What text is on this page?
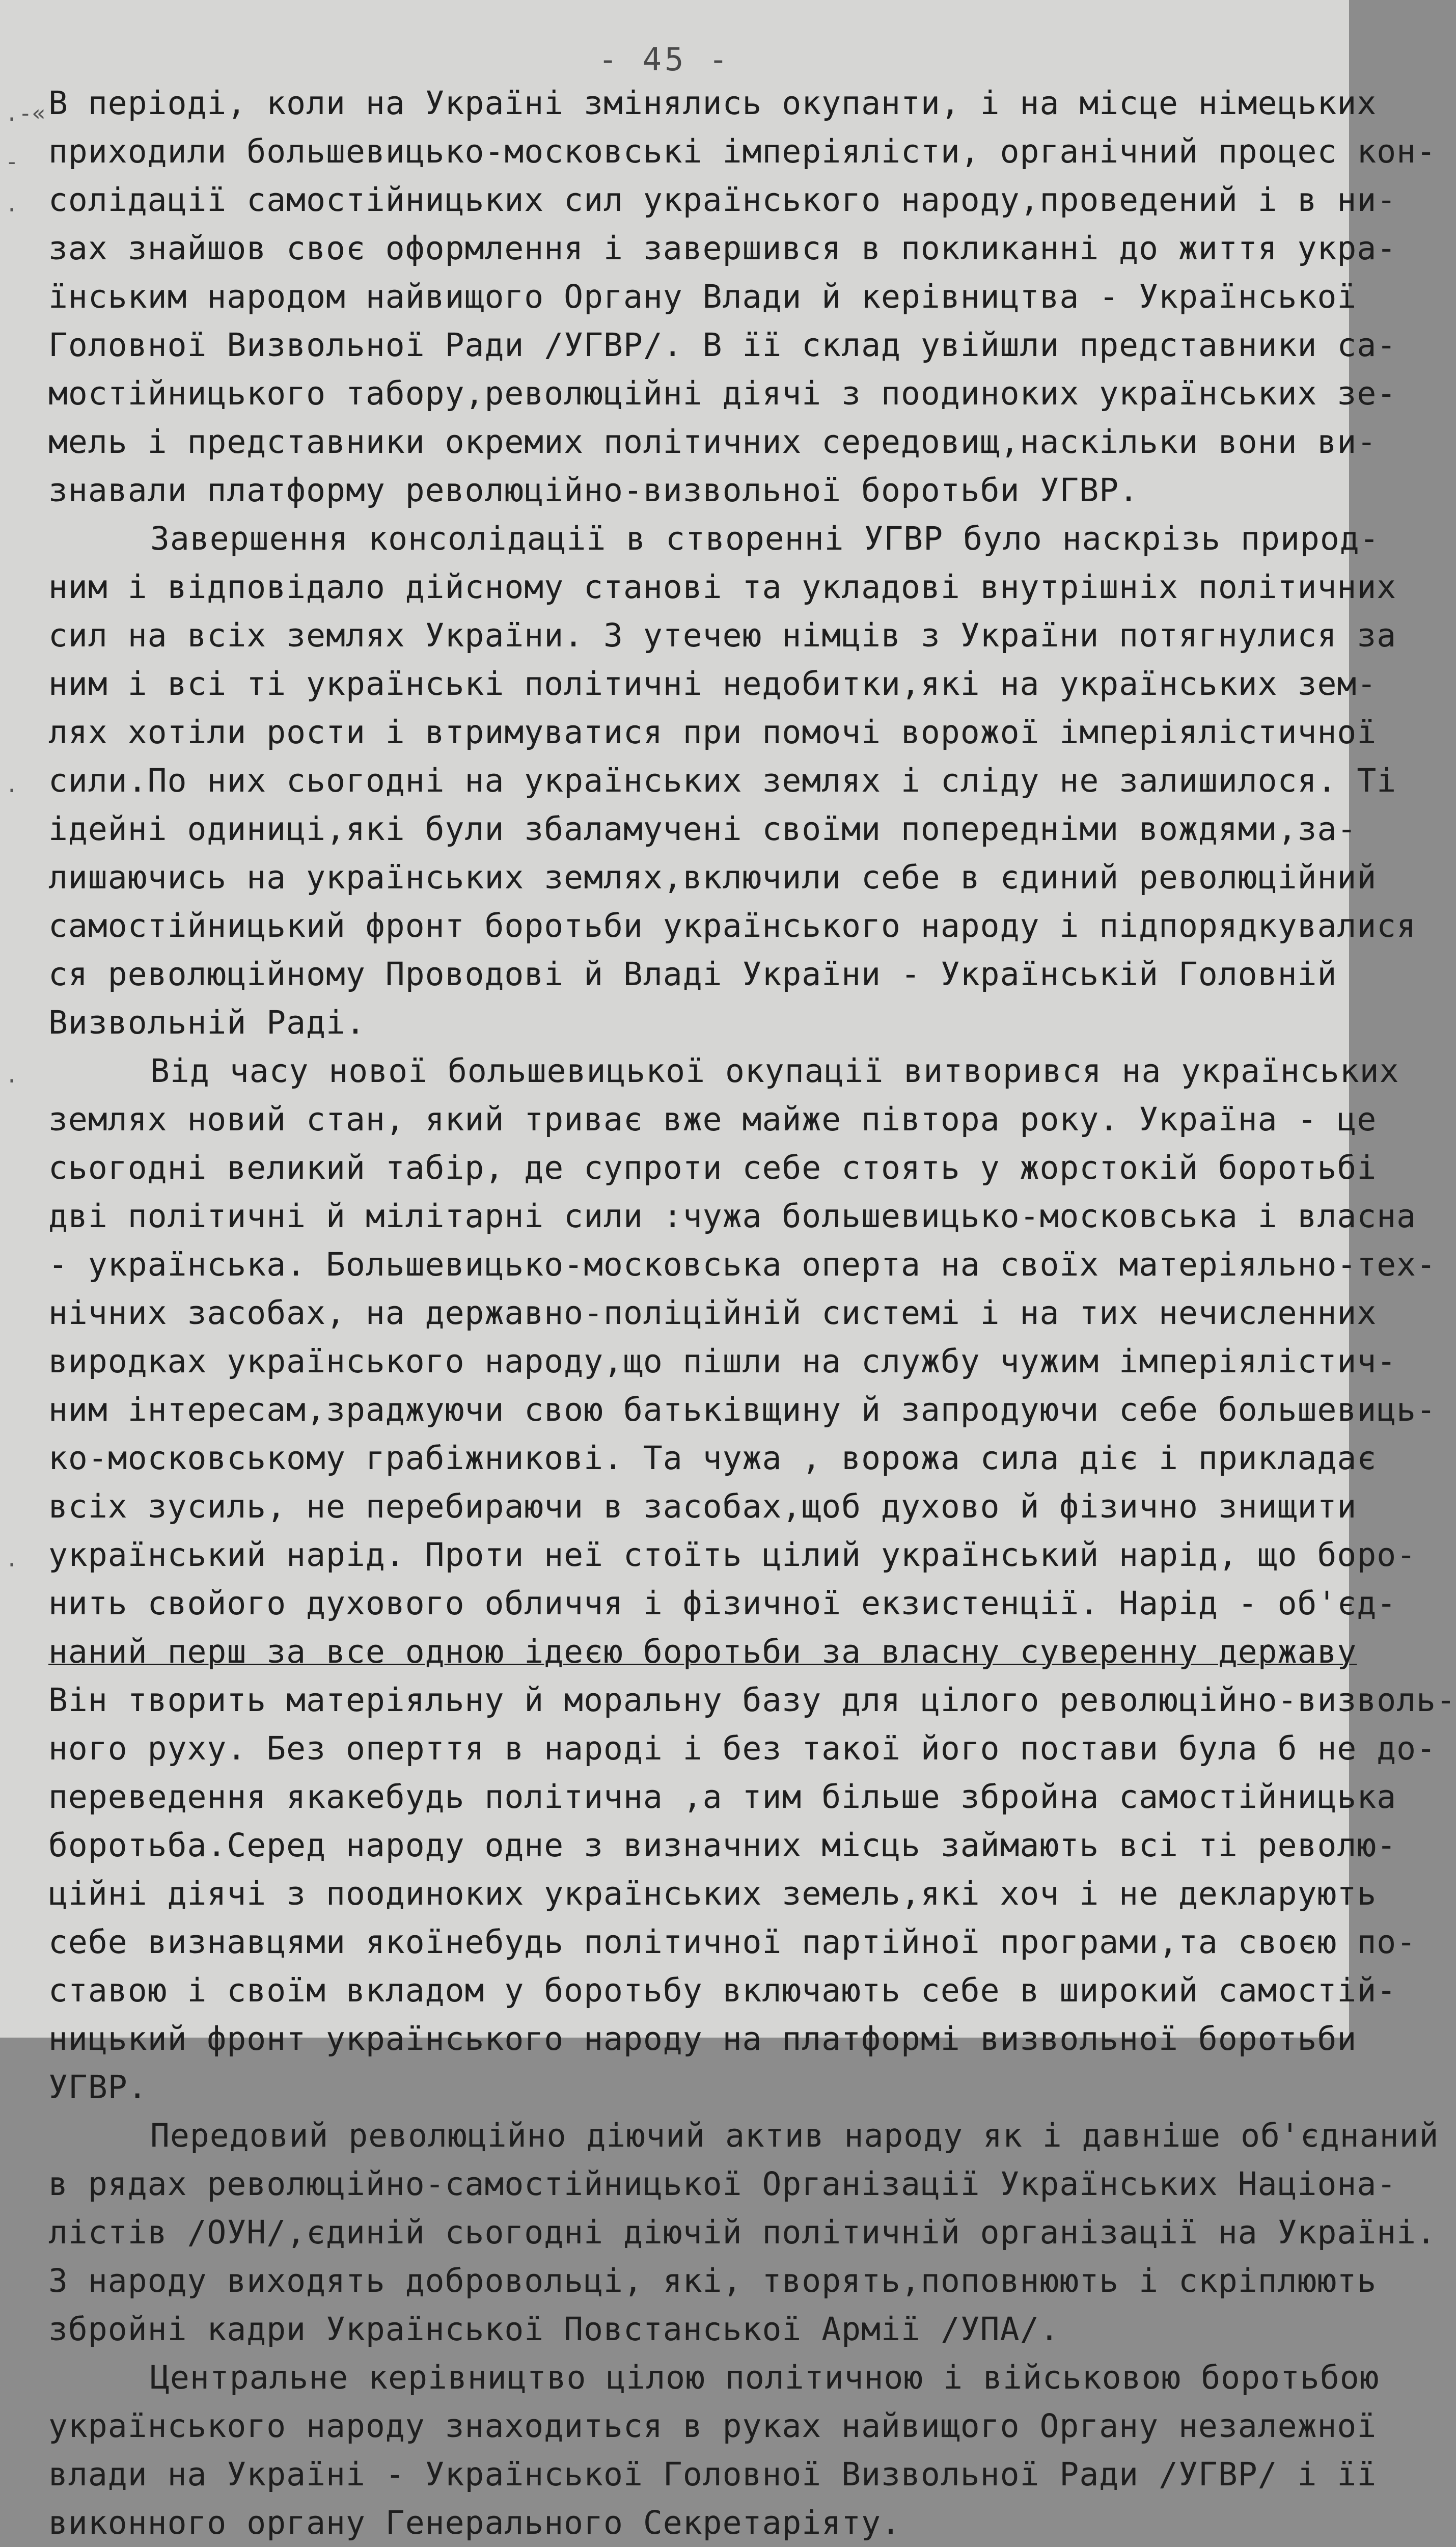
- 45 -
.-«
-
·
·
·
·
В періоді, коли на Україні змінялись окупанти, і на місце німецьких
приходили большевицько-московські імперіялісти, органічний процес кон-
солідації самостійницьких сил українського народу,проведений і в ни-
зах знайшов своє оформлення і завершився в покликанні до життя укра-
їнським народом найвищого Органу Влади й керівництва - Української
Головної Визвольної Ради /УГВР/. В її склад увійшли представники са-
мостійницького табору,революційні діячі з поодиноких українських зе-
мель і представники окремих політичних середовищ,наскільки вони ви-
знавали платформу революційно-визвольної боротьби УГВР.
Завершення консолідації в створенні УГВР було наскрізь природ-
ним і відповідало дійсному станові та укладові внутрішніх політичних
сил на всіх землях України. З утечею німців з України потягнулися за
ним і всі ті українські політичні недобитки,які на українських зем-
лях хотіли рости і втримуватися при помочі ворожої імперіялістичної
сили.По них сьогодні на українських землях і сліду не залишилося. Ті
ідейні одиниці,які були збаламучені своїми попередніми вождями,за-
лишаючись на українських землях,включили себе в єдиний революційний
самостійницький фронт боротьби українського народу і підпорядкувалися
ся революційному Проводові й Владі України - Українській Головній
Визвольній Раді.
Від часу нової большевицької окупації витворився на українських
землях новий стан, який триває вже майже півтора року. Україна - це
сьогодні великий табір, де супроти себе стоять у жорстокій боротьбі
дві політичні й мілітарні сили :чужа большевицько-московська і власна
- українська. Большевицько-московська оперта на своїх матеріяльно-тех-
нічних засобах, на державно-поліційній системі і на тих нечисленних
виродках українського народу,що пішли на службу чужим імперіялістич-
ним інтересам,зраджуючи свою батьківщину й запродуючи себе большевиць-
ко-московському грабіжникові. Та чужа , ворожа сила діє і прикладає
всіх зусиль, не перебираючи в засобах,щоб духово й фізично знищити
український нарід. Проти неї стоїть цілий український нарід, що боро-
нить свойого духового обличчя і фізичної екзистенції. Нарід - об'єд-
наний перш за все одною ідеєю боротьби за власну суверенну державу
Він творить матеріяльну й моральну базу для цілого революційно-визволь-
ного руху. Без оперття в народі і без такої його постави була б не до-
переведення якакебудь політична ,а тим більше збройна самостійницька
боротьба.Серед народу одне з визначних місць займають всі ті револю-
ційні діячі з поодиноких українських земель,які хоч і не декларують
себе визнавцями якоїнебудь політичної партійної програми,та своєю по-
ставою і своїм вкладом у боротьбу включають себе в широкий самостій-
ницький фронт українського народу на платформі визвольної боротьби
УГВР.
Передовий революційно діючий актив народу як і давніше об'єднаний
в рядах революційно-самостійницької Організації Українських Націона-
лістів /ОУН/,єдиній сьогодні діючій політичній організації на Україні.
З народу виходять добровольці, які, творять,поповнюють і скріплюють
збройні кадри Української Повстанської Армії /УПА/.
Центральне керівництво цілою політичною і військовою боротьбою
українського народу знаходиться в руках найвищого Органу незалежної
влади на Україні - Української Головної Визвольної Ради /УГВР/ і її
виконного органу Генерального Секретаріяту.
